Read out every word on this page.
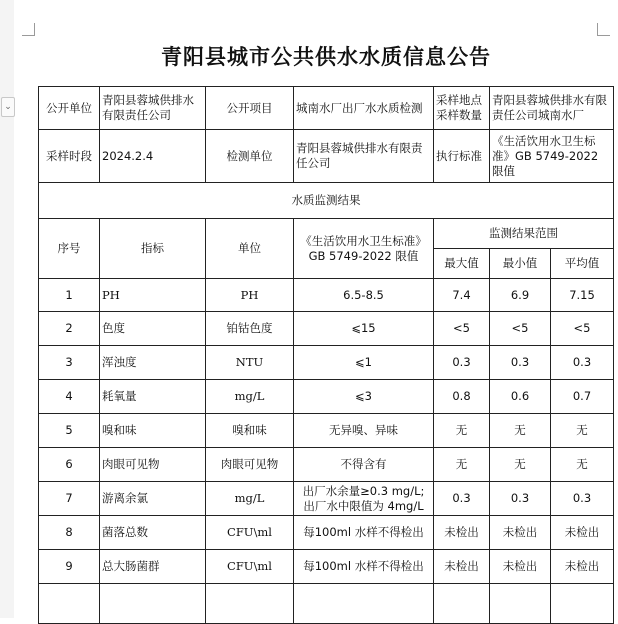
⌄
青阳县城市公共供水水质信息公告
公开单位	青阳县蓉城供排水有限责任公司	公开项目	城南水厂出厂水水质检测	采样地点采样数量	青阳县蓉城供排水有限责任公司城南水厂	
采样时段	2024.2.4	检测单位	青阳县蓉城供排水有限责任公司	执行标准	《生活饮用水卫生标准》GB 5749-2022 限值	
水质监测结果						
序号	指标	单位	《生活饮用水卫生标准》GB 5749-2022 限值	监测结果范围		
				最大值	最小值	平均值
1	PH	PH	6.5-8.5	7.4	6.9	7.15
2	色度	铂钴色度	⩽15	<5	<5	<5
3	浑浊度	NTU	⩽1	0.3	0.3	0.3
4	耗氧量	mg/L	⩽3	0.8	0.6	0.7
5	嗅和味	嗅和味	无异嗅、异味	无	无	无
6	肉眼可见物	肉眼可见物	不得含有	无	无	无
7	游离余氯	mg/L	出厂水余量≥0.3 mg/L; 出厂水中限值为 4mg/L	0.3	0.3	0.3
8	菌落总数	CFU\ml	每100ml 水样不得检出	未检出	未检出	未检出
9	总大肠菌群	CFU\ml	每100ml 水样不得检出	未检出	未检出	未检出
